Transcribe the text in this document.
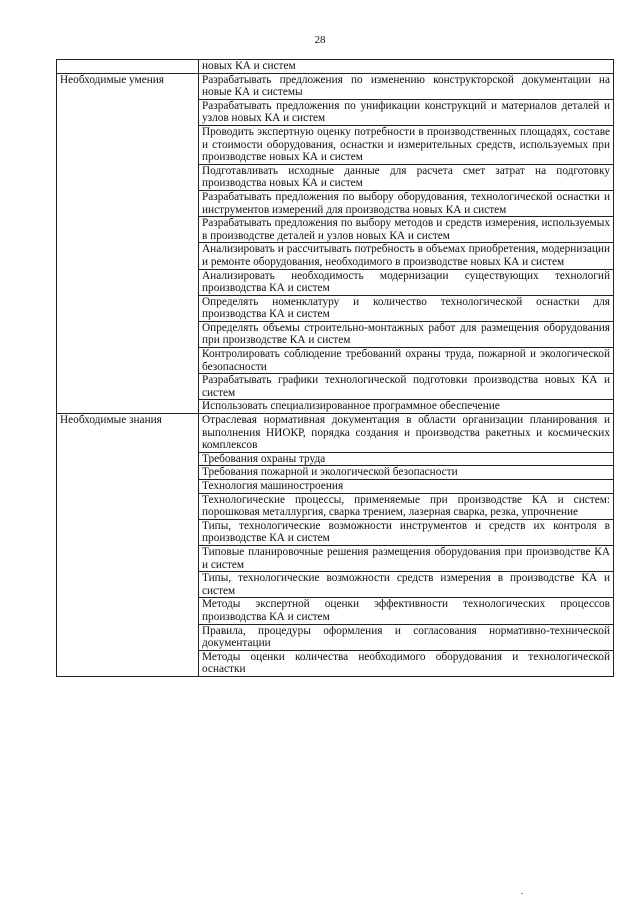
28
	новых КА и систем
Необходимые умения	Разрабатывать предложения по изменению конструкторской документации на новые КА и системы
	Разрабатывать предложения по унификации конструкций и материалов деталей и узлов новых КА и систем
	Проводить экспертную оценку потребности в производственных площадях, составе и стоимости оборудования, оснастки и измерительных средств, используемых при производстве новых КА и систем
	Подготавливать исходные данные для расчета смет затрат на подготовку производства новых КА и систем
	Разрабатывать предложения по выбору оборудования, технологической оснастки и инструментов измерений для производства новых КА и систем
	Разрабатывать предложения по выбору методов и средств измерения, используемых в производстве деталей и узлов новых КА и систем
	Анализировать и рассчитывать потребность в объемах приобретения, модернизации и ремонте оборудования, необходимого в производстве новых КА и систем
	Анализировать необходимость модернизации существующих технологий производства КА и систем
	Определять номенклатуру и количество технологической оснастки для производства КА и систем
	Определять объемы строительно-монтажных работ для размещения оборудования при производстве КА и систем
	Контролировать соблюдение требований охраны труда, пожарной и экологической безопасности
	Разрабатывать графики технологической подготовки производства новых КА и систем
	Использовать специализированное программное обеспечение
Необходимые знания	Отраслевая нормативная документация в области организации планирования и выполнения НИОКР, порядка создания и производства ракетных и космических комплексов
	Требования охраны труда
	Требования пожарной и экологической безопасности
	Технология машиностроения
	Технологические процессы, применяемые при производстве КА и систем: порошковая металлургия, сварка трением, лазерная сварка, резка, упрочнение
	Типы, технологические возможности инструментов и средств их контроля в производстве КА и систем
	Типовые планировочные решения размещения оборудования при производстве КА и систем
	Типы, технологические возможности средств измерения в производстве КА и систем
	Методы экспертной оценки эффективности технологических процессов производства КА и систем
	Правила, процедуры оформления и согласования нормативно-технической документации
	Методы оценки количества необходимого оборудования и технологической оснастки
